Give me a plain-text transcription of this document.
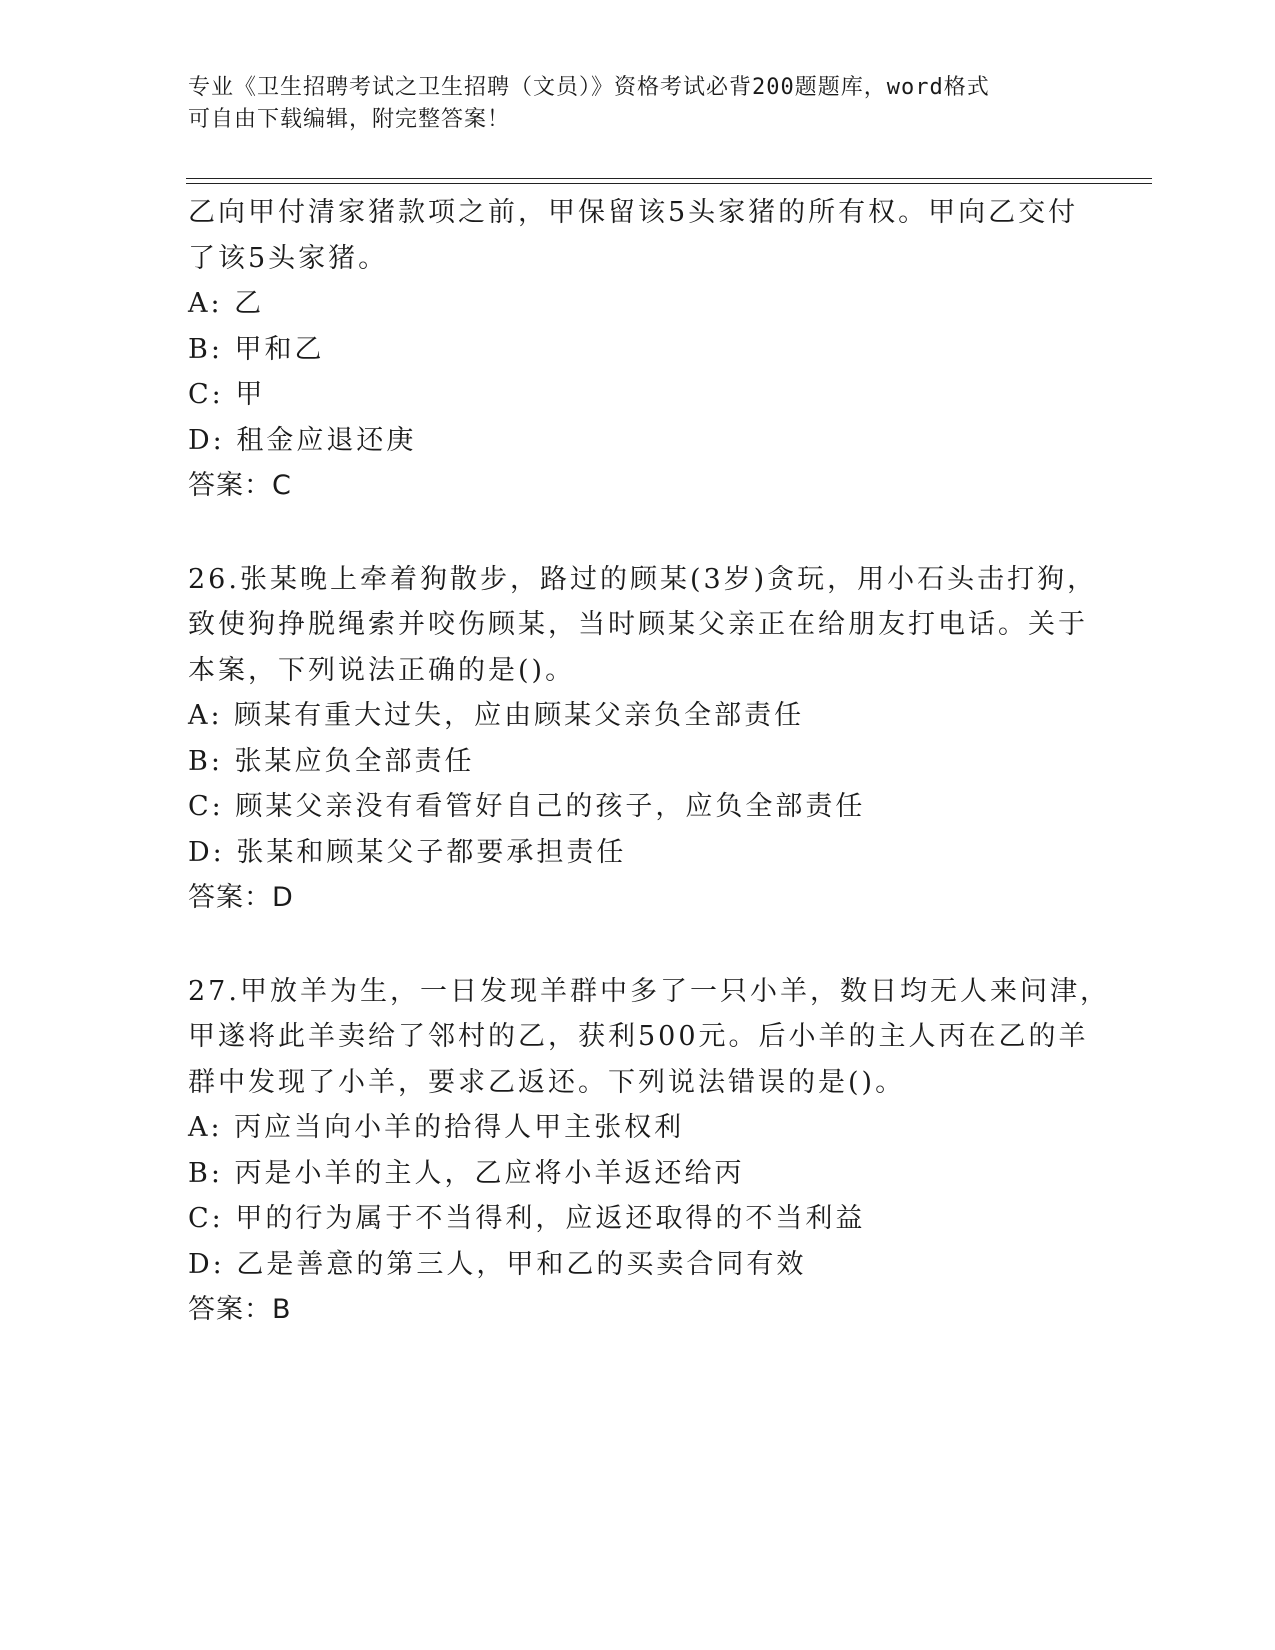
专业《卫生招聘考试之卫生招聘（文员）》资格考试必背200题题库，word格式
可自由下载编辑，附完整答案！
乙向甲付清家猪款项之前，甲保留该5头家猪的所有权。甲向乙交付
了该5头家猪。
A: 乙
B: 甲和乙
C: 甲
D: 租金应退还庚
答案：C
26.张某晚上牵着狗散步，路过的顾某(3岁)贪玩，用小石头击打狗，
致使狗挣脱绳索并咬伤顾某，当时顾某父亲正在给朋友打电话。关于
本案，下列说法正确的是()。
A: 顾某有重大过失，应由顾某父亲负全部责任
B: 张某应负全部责任
C: 顾某父亲没有看管好自己的孩子，应负全部责任
D: 张某和顾某父子都要承担责任
答案：D
27.甲放羊为生，一日发现羊群中多了一只小羊，数日均无人来问津，
甲遂将此羊卖给了邻村的乙，获利500元。后小羊的主人丙在乙的羊
群中发现了小羊，要求乙返还。下列说法错误的是()。
A: 丙应当向小羊的拾得人甲主张权利
B: 丙是小羊的主人，乙应将小羊返还给丙
C: 甲的行为属于不当得利，应返还取得的不当利益
D: 乙是善意的第三人，甲和乙的买卖合同有效
答案：B
